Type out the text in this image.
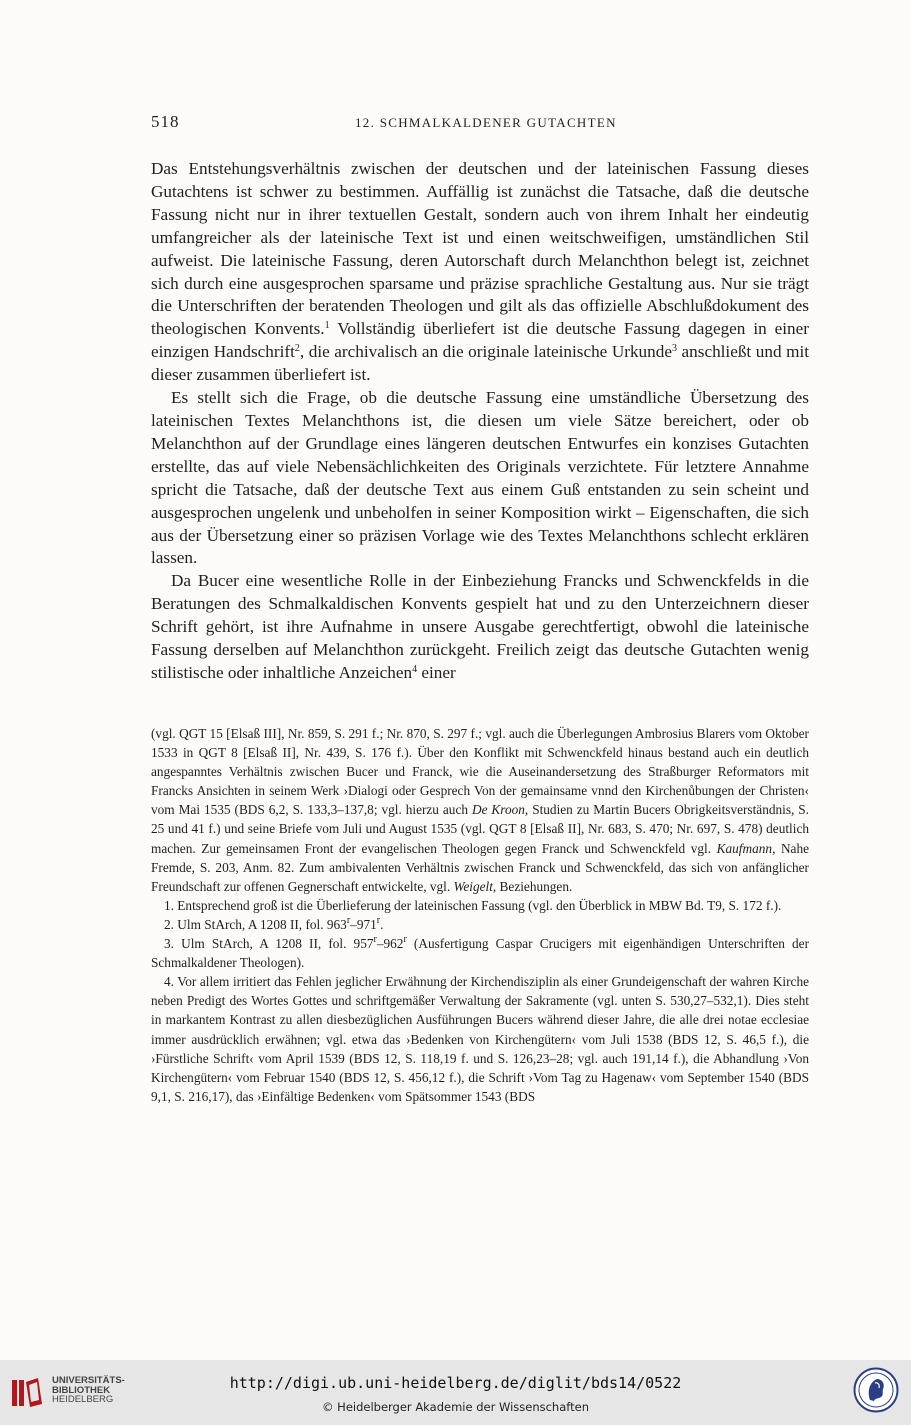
518	12. SCHMALKALDENER GUTACHTEN

Das Entstehungsverhältnis zwischen der deutschen und der lateinischen Fassung dieses Gutachtens ist schwer zu bestimmen. Auffällig ist zunächst die Tatsache, daß die deutsche Fassung nicht nur in ihrer textuellen Gestalt, sondern auch von ihrem Inhalt her eindeutig umfangreicher als der lateinische Text ist und einen weitschweifigen, umständlichen Stil aufweist. Die lateinische Fassung, deren Autorschaft durch Melanchthon belegt ist, zeichnet sich durch eine ausgesprochen sparsame und präzise sprachliche Gestaltung aus. Nur sie trägt die Unterschriften der beratenden Theologen und gilt als das offizielle Abschlußdokument des theologischen Konvents.$^1$ Vollständig überliefert ist die deutsche Fassung dagegen in einer einzigen Handschrift$^2$, die archivalisch an die originale lateinische Urkunde$^3$ anschließt und mit dieser zusammen überliefert ist.

Es stellt sich die Frage, ob die deutsche Fassung eine umständliche Übersetzung des lateinischen Textes Melanchthons ist, die diesen um viele Sätze bereichert, oder ob Melanchthon auf der Grundlage eines längeren deutschen Entwurfes ein konzises Gutachten erstellte, das auf viele Nebensächlichkeiten des Originals verzichtete. Für letztere Annahme spricht die Tatsache, daß der deutsche Text aus einem Guß entstanden zu sein scheint und ausgesprochen ungelenk und unbeholfen in seiner Komposition wirkt – Eigenschaften, die sich aus der Übersetzung einer so präzisen Vorlage wie des Textes Melanchthons schlecht erklären lassen.

Da Bucer eine wesentliche Rolle in der Einbeziehung Francks und Schwenckfelds in die Beratungen des Schmalkaldischen Konvents gespielt hat und zu den Unterzeichnern dieser Schrift gehört, ist ihre Aufnahme in unsere Ausgabe gerechtfertigt, obwohl die lateinische Fassung derselben auf Melanchthon zurückgeht. Freilich zeigt das deutsche Gutachten wenig stilistische oder inhaltliche Anzeichen$^4$ einer

(vgl. QGT 15 [Elsaß III], Nr. 859, S. 291 f.; Nr. 870, S. 297 f.; vgl. auch die Überlegungen Ambrosius Blarers vom Oktober 1533 in QGT 8 [Elsaß II], Nr. 439, S. 176 f.). Über den Konflikt mit Schwenckfeld hinaus bestand auch ein deutlich angespanntes Verhältnis zwischen Bucer und Franck, wie die Auseinandersetzung des Straßburger Reformators mit Francks Ansichten in seinem Werk ›Dialogi oder Gesprech Von der gemainsame vnnd den Kirchenůbungen der Christen‹ vom Mai 1535 (BDS 6,2, S. 133,3–137,8; vgl. hierzu auch De Kroon, Studien zu Martin Bucers Obrigkeitsverständnis, S. 25 und 41 f.) und seine Briefe vom Juli und August 1535 (vgl. QGT 8 [Elsaß II], Nr. 683, S. 470; Nr. 697, S. 478) deutlich machen. Zur gemeinsamen Front der evangelischen Theologen gegen Franck und Schwenckfeld vgl. Kaufmann, Nahe Fremde, S. 203, Anm. 82. Zum ambivalenten Verhältnis zwischen Franck und Schwenckfeld, das sich von anfänglicher Freundschaft zur offenen Gegnerschaft entwickelte, vgl. Weigelt, Beziehungen.

1. Entsprechend groß ist die Überlieferung der lateinischen Fassung (vgl. den Überblick in MBW Bd. T9, S. 172 f.).

2. Ulm StArch, A 1208 II, fol. 963$^r$–971$^r$.

3. Ulm StArch, A 1208 II, fol. 957$^r$–962$^r$ (Ausfertigung Caspar Crucigers mit eigenhändigen Unterschriften der Schmalkaldener Theologen).

4. Vor allem irritiert das Fehlen jeglicher Erwähnung der Kirchendisziplin als einer Grundeigenschaft der wahren Kirche neben Predigt des Wortes Gottes und schriftgemäßer Verwaltung der Sakramente (vgl. unten S. 530,27–532,1). Dies steht in markantem Kontrast zu allen diesbezüglichen Ausführungen Bucers während dieser Jahre, die alle drei notae ecclesiae immer ausdrücklich erwähnen; vgl. etwa das ›Bedenken von Kirchengütern‹ vom Juli 1538 (BDS 12, S. 46,5 f.), die ›Fürstliche Schrift‹ vom April 1539 (BDS 12, S. 118,19 f. und S. 126,23–28; vgl. auch 191,14 f.), die Abhandlung ›Von Kirchengütern‹ vom Februar 1540 (BDS 12, S. 456,12 f.), die Schrift ›Vom Tag zu Hagenaw‹ vom September 1540 (BDS 9,1, S. 216,17), das ›Einfältige Bedenken‹ vom Spätsommer 1543 (BDS

UNIVERSITÄTS-
BIBLIOTHEK
HEIDELBERG
http://digi.ub.uni-heidelberg.de/diglit/bds14/0522
© Heidelberger Akademie der Wissenschaften
